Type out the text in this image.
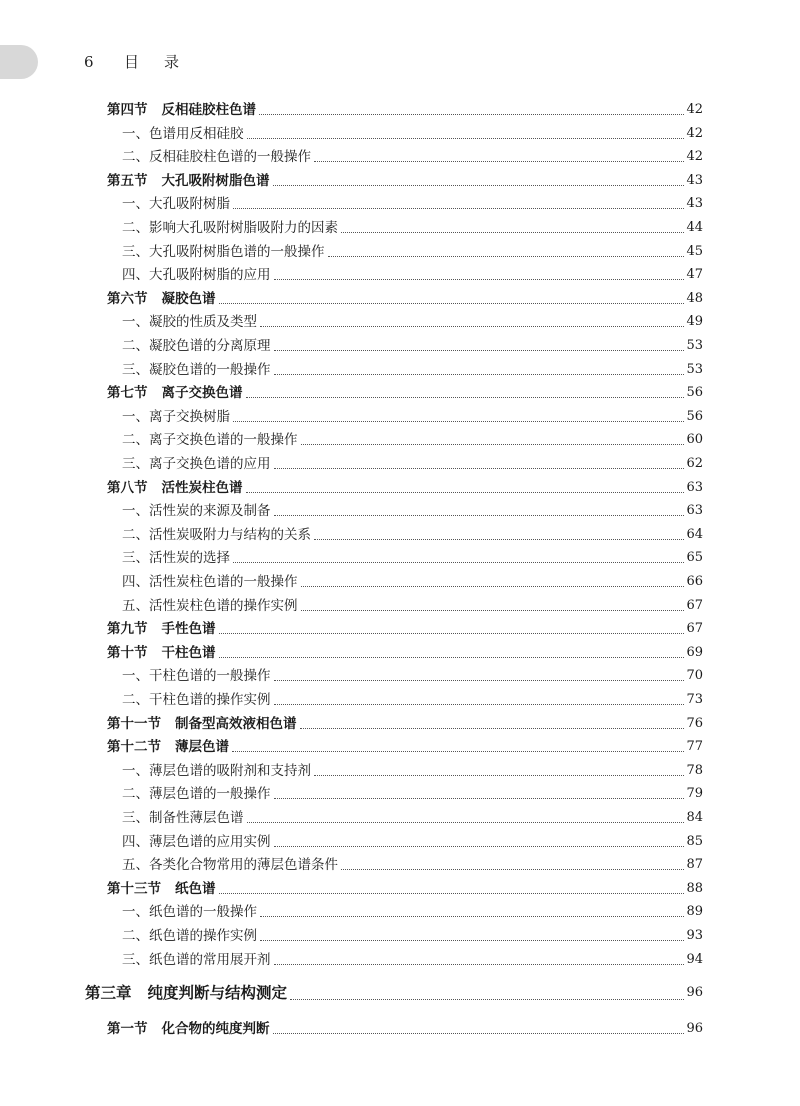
6 目 录
第四节 反相硅胶柱色谱	42
一、色谱用反相硅胶	42
二、反相硅胶柱色谱的一般操作	42
第五节 大孔吸附树脂色谱	43
一、大孔吸附树脂	43
二、影响大孔吸附树脂吸附力的因素	44
三、大孔吸附树脂色谱的一般操作	45
四、大孔吸附树脂的应用	47
第六节 凝胶色谱	48
一、凝胶的性质及类型	49
二、凝胶色谱的分离原理	53
三、凝胶色谱的一般操作	53
第七节 离子交换色谱	56
一、离子交换树脂	56
二、离子交换色谱的一般操作	60
三、离子交换色谱的应用	62
第八节 活性炭柱色谱	63
一、活性炭的来源及制备	63
二、活性炭吸附力与结构的关系	64
三、活性炭的选择	65
四、活性炭柱色谱的一般操作	66
五、活性炭柱色谱的操作实例	67
第九节 手性色谱	67
第十节 干柱色谱	69
一、干柱色谱的一般操作	70
二、干柱色谱的操作实例	73
第十一节 制备型高效液相色谱	76
第十二节 薄层色谱	77
一、薄层色谱的吸附剂和支持剂	78
二、薄层色谱的一般操作	79
三、制备性薄层色谱	84
四、薄层色谱的应用实例	85
五、各类化合物常用的薄层色谱条件	87
第十三节 纸色谱	88
一、纸色谱的一般操作	89
二、纸色谱的操作实例	93
三、纸色谱的常用展开剂	94
第三章 纯度判断与结构测定	96
第一节 化合物的纯度判断	96
